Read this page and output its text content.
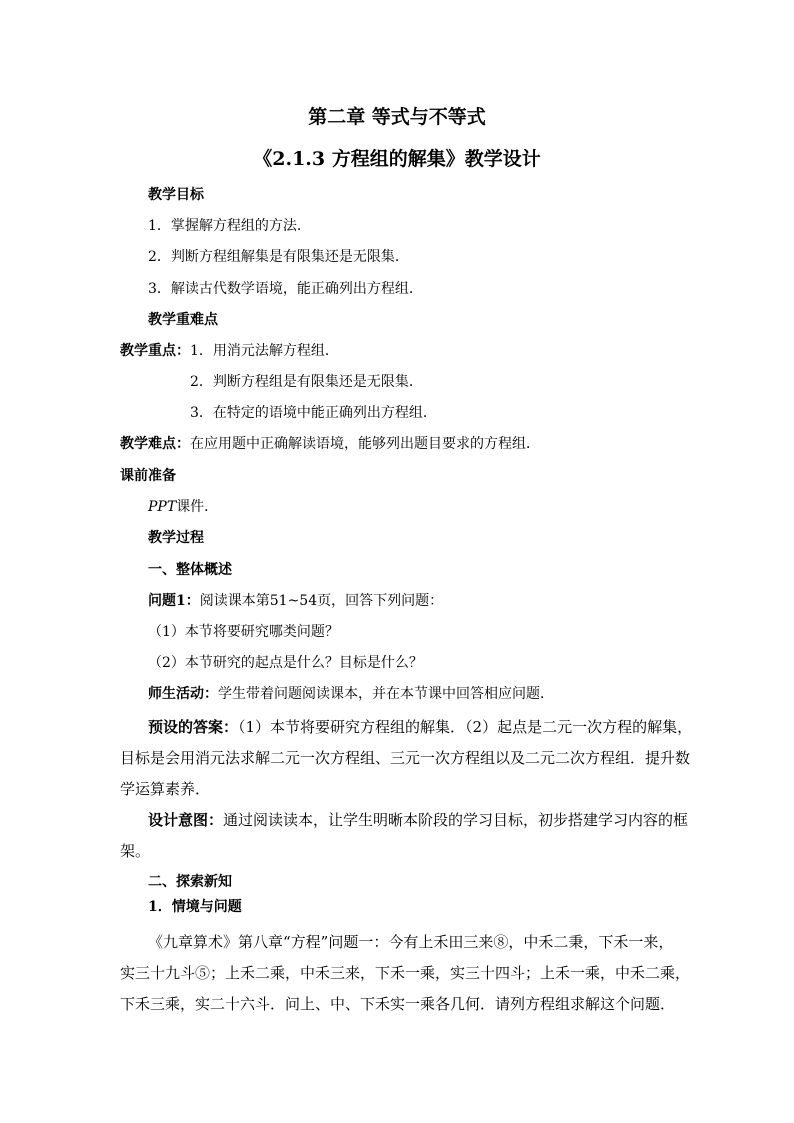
第二章 等式与不等式
《2.1.3 方程组的解集》教学设计
教学目标
1．掌握解方程组的方法．
2．判断方程组解集是有限集还是无限集．
3．解读古代数学语境，能正确列出方程组．
教学重难点
教学重点：1．用消元法解方程组．
2．判断方程组是有限集还是无限集．
3．在特定的语境中能正确列出方程组．
教学难点：在应用题中正确解读语境，能够列出题目要求的方程组．
课前准备
PPT课件．
教学过程
一、整体概述
问题1：阅读课本第51~54页，回答下列问题：
（1）本节将要研究哪类问题？
（2）本节研究的起点是什么？目标是什么？
师生活动：学生带着问题阅读课本，并在本节课中回答相应问题．
预设的答案：（1）本节将要研究方程组的解集．（2）起点是二元一次方程的解集，
目标是会用消元法求解二元一次方程组、三元一次方程组以及二元二次方程组．提升数
学运算素养．
设计意图：通过阅读读本，让学生明晰本阶段的学习目标，初步搭建学习内容的框
架。
二、探索新知
1．情境与问题
《九章算术》第八章“方程”问题一：今有上禾田三来⑧，中禾二秉，下禾一来，
实三十九斗⑤；上禾二乘，中禾三来，下禾一乘，实三十四斗；上禾一乘，中禾二乘，
下禾三乘，实二十六斗．问上、中、下禾实一乘各几何．请列方程组求解这个问题．
